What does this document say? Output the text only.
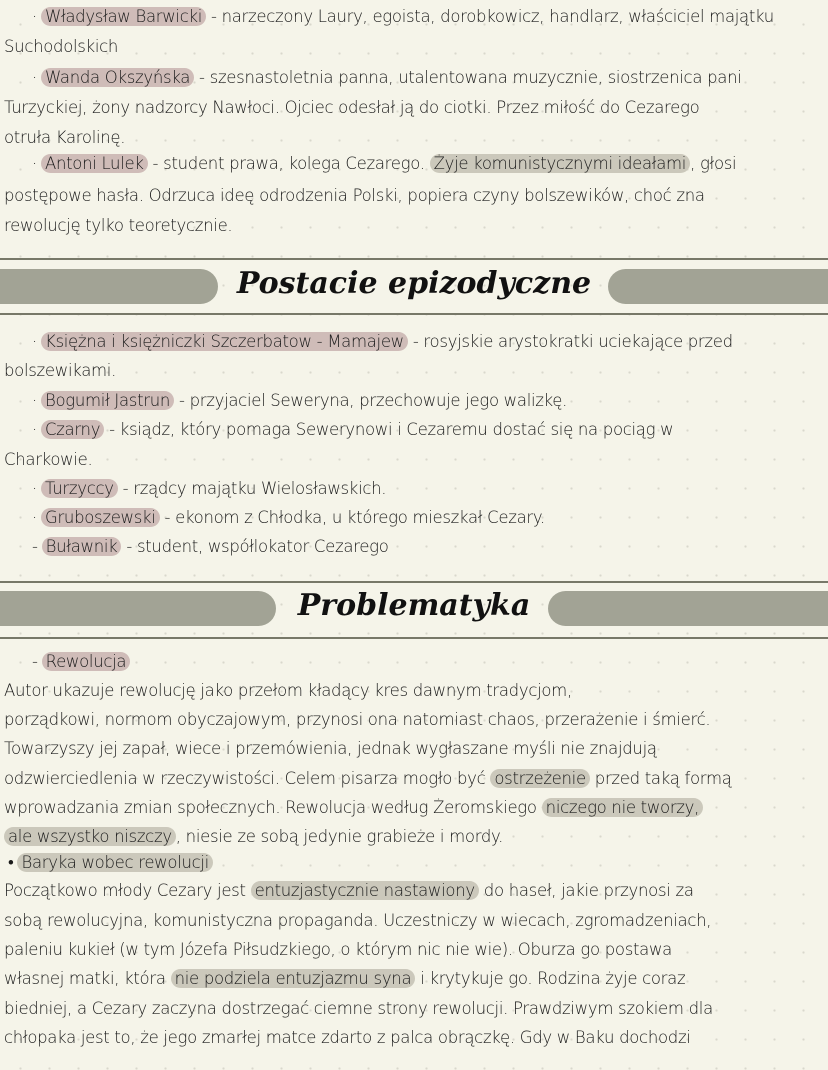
· Władysław Barwicki - narzeczony Laury, egoista, dorobkowicz, handlarz, właściciel majątku
Suchodolskich
· Wanda Okszyńska - szesnastoletnia panna, utalentowana muzycznie, siostrzenica pani
Turzyckiej, żony nadzorcy Nawłoci. Ojciec odesłał ją do ciotki. Przez miłość do Cezarego
otruła Karolinę.
· Antoni Lulek - student prawa, kolega Cezarego. Żyje komunistycznymi ideałami , głosi
postępowe hasła. Odrzuca ideę odrodzenia Polski, popiera czyny bolszewików, choć zna
rewolucję tylko teoretycznie.
Postacie epizodyczne
· Księżna i księżniczki Szczerbatow - Mamajew - rosyjskie arystokratki uciekające przed
bolszewikami.
· Bogumił Jastrun - przyjaciel Seweryna, przechowuje jego walizkę.
· Czarny - ksiądz, który pomaga Sewerynowi i Cezaremu dostać się na pociąg w
Charkowie.
· Turzyccy - rządcy majątku Wielosławskich.
· Gruboszewski - ekonom z Chłodka, u którego mieszkał Cezary.
- Buławnik - student, współlokator Cezarego
Problematyka
- Rewolucja
Autor ukazuje rewolucję jako przełom kładący kres dawnym tradycjom,
porządkowi, normom obyczajowym, przynosi ona natomiast chaos, przerażenie i śmierć.
Towarzyszy jej zapał, wiece i przemówienia, jednak wygłaszane myśli nie znajdują
odzwierciedlenia w rzeczywistości. Celem pisarza mogło być ostrzeżenie przed taką formą
wprowadzania zmian społecznych. Rewolucja według Żeromskiego niczego nie tworzy,
ale wszystko niszczy , niesie ze sobą jedynie grabieże i mordy.
• Baryka wobec rewolucji
Początkowo młody Cezary jest entuzjastycznie nastawiony do haseł, jakie przynosi za
sobą rewolucyjna, komunistyczna propaganda. Uczestniczy w wiecach, zgromadzeniach,
paleniu kukieł (w tym Józefa Piłsudzkiego, o którym nic nie wie). Oburza go postawa
własnej matki, która nie podziela entuzjazmu syna i krytykuje go. Rodzina żyje coraz
biedniej, a Cezary zaczyna dostrzegać ciemne strony rewolucji. Prawdziwym szokiem dla
chłopaka jest to, że jego zmarłej matce zdarto z palca obrączkę. Gdy w Baku dochodzi
